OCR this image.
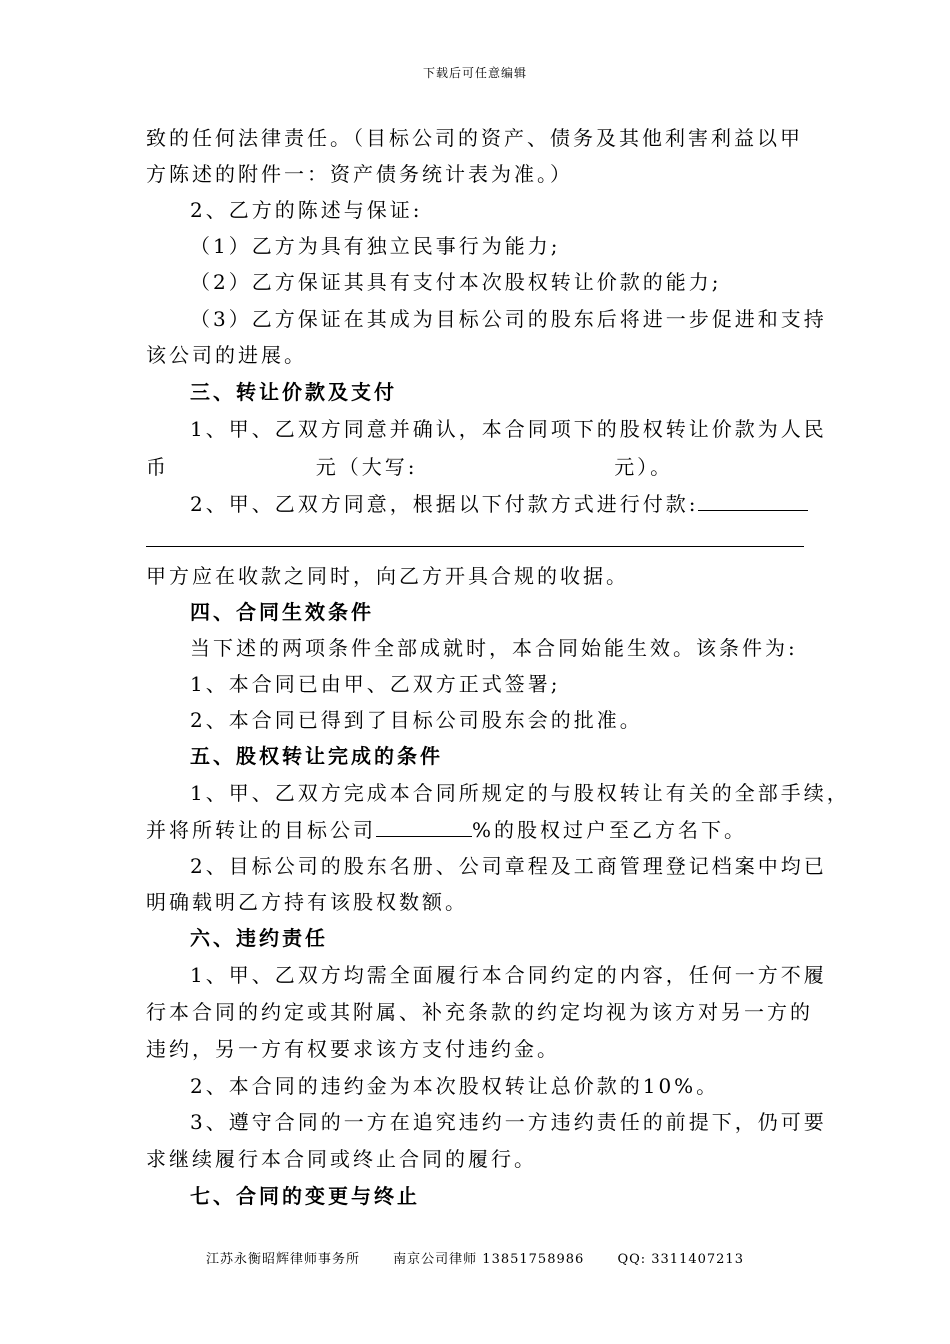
下载后可任意编辑
致的任何法律责任。（目标公司的资产、债务及其他利害利益以甲
方陈述的附件一：资产债务统计表为准。）
2、乙方的陈述与保证:
（1）乙方为具有独立民事行为能力;
（2）乙方保证其具有支付本次股权转让价款的能力;
（3）乙方保证在其成为目标公司的股东后将进一步促进和支持
该公司的进展。
三、转让价款及支付
1、甲、乙双方同意并确认，本合同项下的股权转让价款为人民
币	元（大写:	元）。
2、甲、乙双方同意，根据以下付款方式进行付款:
甲方应在收款之同时，向乙方开具合规的收据。
四、合同生效条件
当下述的两项条件全部成就时，本合同始能生效。该条件为:
1、本合同已由甲、乙双方正式签署;
2、本合同已得到了目标公司股东会的批准。
五、股权转让完成的条件
1、甲、乙双方完成本合同所规定的与股权转让有关的全部手续，
并将所转让的目标公司	%的股权过户至乙方名下。
2、目标公司的股东名册、公司章程及工商管理登记档案中均已
明确载明乙方持有该股权数额。
六、违约责任
1、甲、乙双方均需全面履行本合同约定的内容，任何一方不履
行本合同的约定或其附属、补充条款的约定均视为该方对另一方的
违约，另一方有权要求该方支付违约金。
2、本合同的违约金为本次股权转让总价款的10%。
3、遵守合同的一方在追究违约一方违约责任的前提下，仍可要
求继续履行本合同或终止合同的履行。
七、合同的变更与终止
江苏永衡昭辉律师事务所	南京公司律师 13851758986	QQ: 3311407213
